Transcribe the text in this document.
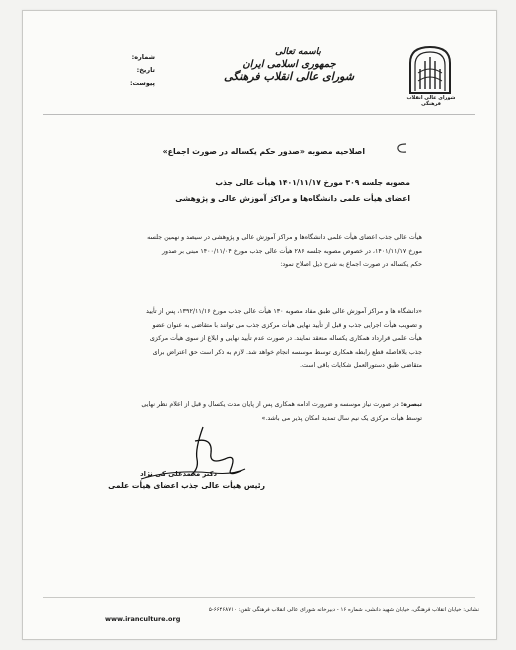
شورای عالی انقلاب فرهنگی
باسمه تعالی
جمهوری اسلامی ایران
شورای عالی انقلاب فرهنگی
شماره:
تاریخ:
پیوست:
اصلاحیه مصوبه «صدور حکم یکساله در صورت اجماع»
مصوبه جلسه ۳۰۹ مورخ ۱۴۰۱/۱۱/۱۷ هیأت عالی جذب
اعضای هیأت علمی دانشگاه‌ها و مراکز آموزش عالی و پژوهشی
هیأت عالی جذب اعضای هیأت علمی دانشگاه‌ها و مراکز آموزش عالی و پژوهشی در سیصد و نهمین جلسه
مورخ ۱۴۰۱/۱۱/۱۷، در خصوص مصوبه جلسه ۲۸۶ هیأت عالی جذب مورخ ۱۴۰۰/۱۱/۰۴ مبنی بر صدور
حکم یکساله در صورت اجماع به شرح ذیل اصلاح نمود:
«دانشگاه ها و مراکز آموزش عالی طبق مفاد مصوبه ۱۳۰ هیأت عالی جذب مورخ ۱۳۹۲/۱۱/۱۶، پس از تأیید
و تصویب هیأت اجرایی جذب و قبل از تأیید نهایی هیأت مرکزی جذب می توانند با متقاضی به عنوان عضو
هیأت علمی قرارداد همکاری یکساله منعقد نمایند. در صورت عدم تأیید نهایی و ابلاغ از سوی هیأت مرکزی
جذب بلافاصله قطع رابطه همکاری توسط موسسه انجام خواهد شد. لازم به ذکر است حق اعتراض برای
متقاضی طبق دستورالعمل شکایات باقی است.
تبصره: در صورت نیاز موسسه و ضرورت ادامه همکاری پس از پایان مدت یکسال و قبل از اعلام نظر نهایی
توسط هیأت مرکزی یک نیم سال تمدید امکان پذیر می باشد.»
دکتر محمدعلی کی نژاد
رئیس هیأت عالی جذب اعضای هیأت علمی
www.iranculture.org
نشانی: خیابان انقلاب فرهنگی، خیابان شهید دانشی، شماره ۱۶ - دبیرخانه شورای عالی انقلاب فرهنگی تلفن: ۶۶۴۶۸۷۱۰-۵
